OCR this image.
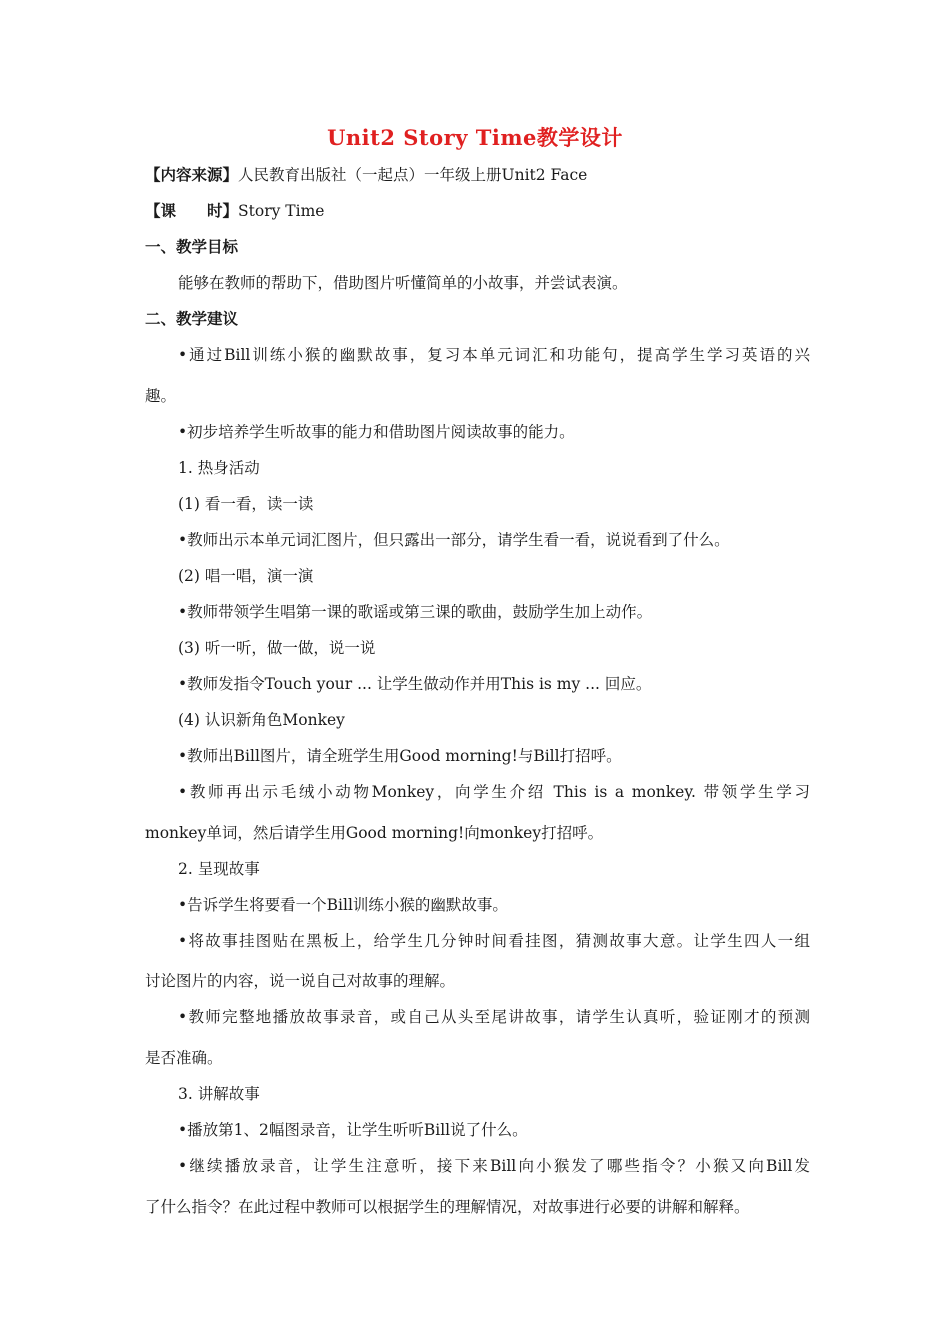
Unit2 Story Time教学设计
【内容来源】人民教育出版社（一起点）一年级上册Unit2 Face
【课　　时】Story Time
一、教学目标
能够在教师的帮助下，借助图片听懂简单的小故事，并尝试表演。
二、教学建议
•通过Bill训练小猴的幽默故事，复习本单元词汇和功能句，提高学生学习英语的兴
趣。
•初步培养学生听故事的能力和借助图片阅读故事的能力。
1. 热身活动
(1) 看一看，读一读
•教师出示本单元词汇图片，但只露出一部分，请学生看一看，说说看到了什么。
(2) 唱一唱，演一演
•教师带领学生唱第一课的歌谣或第三课的歌曲，鼓励学生加上动作。
(3) 听一听，做一做，说一说
•教师发指令Touch your ... 让学生做动作并用This is my ... 回应。
(4) 认识新角色Monkey
•教师出Bill图片，请全班学生用Good morning!与Bill打招呼。
•教师再出示毛绒小动物Monkey，向学生介绍 This is a monkey. 带领学生学习
monkey单词，然后请学生用Good morning!向monkey打招呼。
2. 呈现故事
•告诉学生将要看一个Bill训练小猴的幽默故事。
•将故事挂图贴在黑板上，给学生几分钟时间看挂图，猜测故事大意。让学生四人一组
讨论图片的内容，说一说自己对故事的理解。
•教师完整地播放故事录音，或自己从头至尾讲故事，请学生认真听，验证刚才的预测
是否准确。
3. 讲解故事
•播放第1、2幅图录音，让学生听听Bill说了什么。
•继续播放录音，让学生注意听，接下来Bill向小猴发了哪些指令？小猴又向Bill发
了什么指令？在此过程中教师可以根据学生的理解情况，对故事进行必要的讲解和解释。
